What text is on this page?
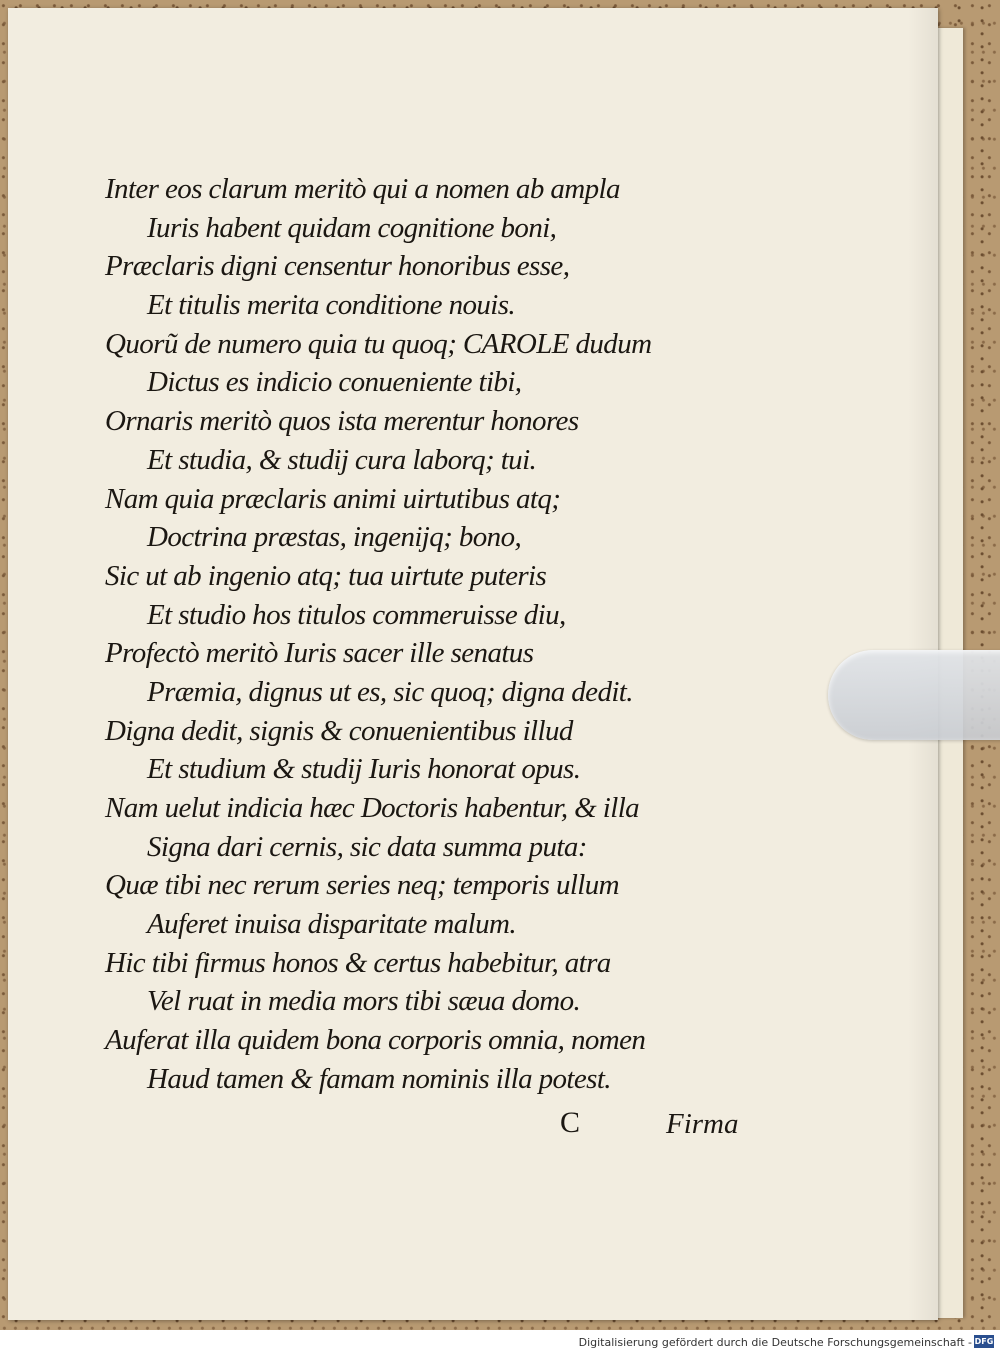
Inter eos clarum meritò qui a nomen ab ampla
Iuris habent quidam cognitione boni,
Præclaris digni censentur honoribus esse,
Et titulis merita conditione nouis.
Quorũ de numero quia tu quoq; CAROLE dudum
Dictus es indicio conueniente tibi,
Ornaris meritò quos ista merentur honores
Et studia, & studij cura laborq; tui.
Nam quia præclaris animi uirtutibus atq;
Doctrina præstas, ingenijq; bono,
Sic ut ab ingenio atq; tua uirtute puteris
Et studio hos titulos commeruisse diu,
Profectò meritò Iuris sacer ille senatus
Præmia, dignus ut es, sic quoq; digna dedit.
Digna dedit, signis & conuenientibus illud
Et studium & studij Iuris honorat opus.
Nam uelut indicia hæc Doctoris habentur, & illa
Signa dari cernis, sic data summa puta:
Quæ tibi nec rerum series neq; temporis ullum
Auferet inuisa disparitate malum.
Hic tibi firmus honos & certus habebitur, atra
Vel ruat in media mors tibi sæua domo.
Auferat illa quidem bona corporis omnia, nomen
Haud tamen & famam nominis illa potest.
C	Firma
Digitalisierung gefördert durch die Deutsche Forschungsgemeinschaft - DFG
